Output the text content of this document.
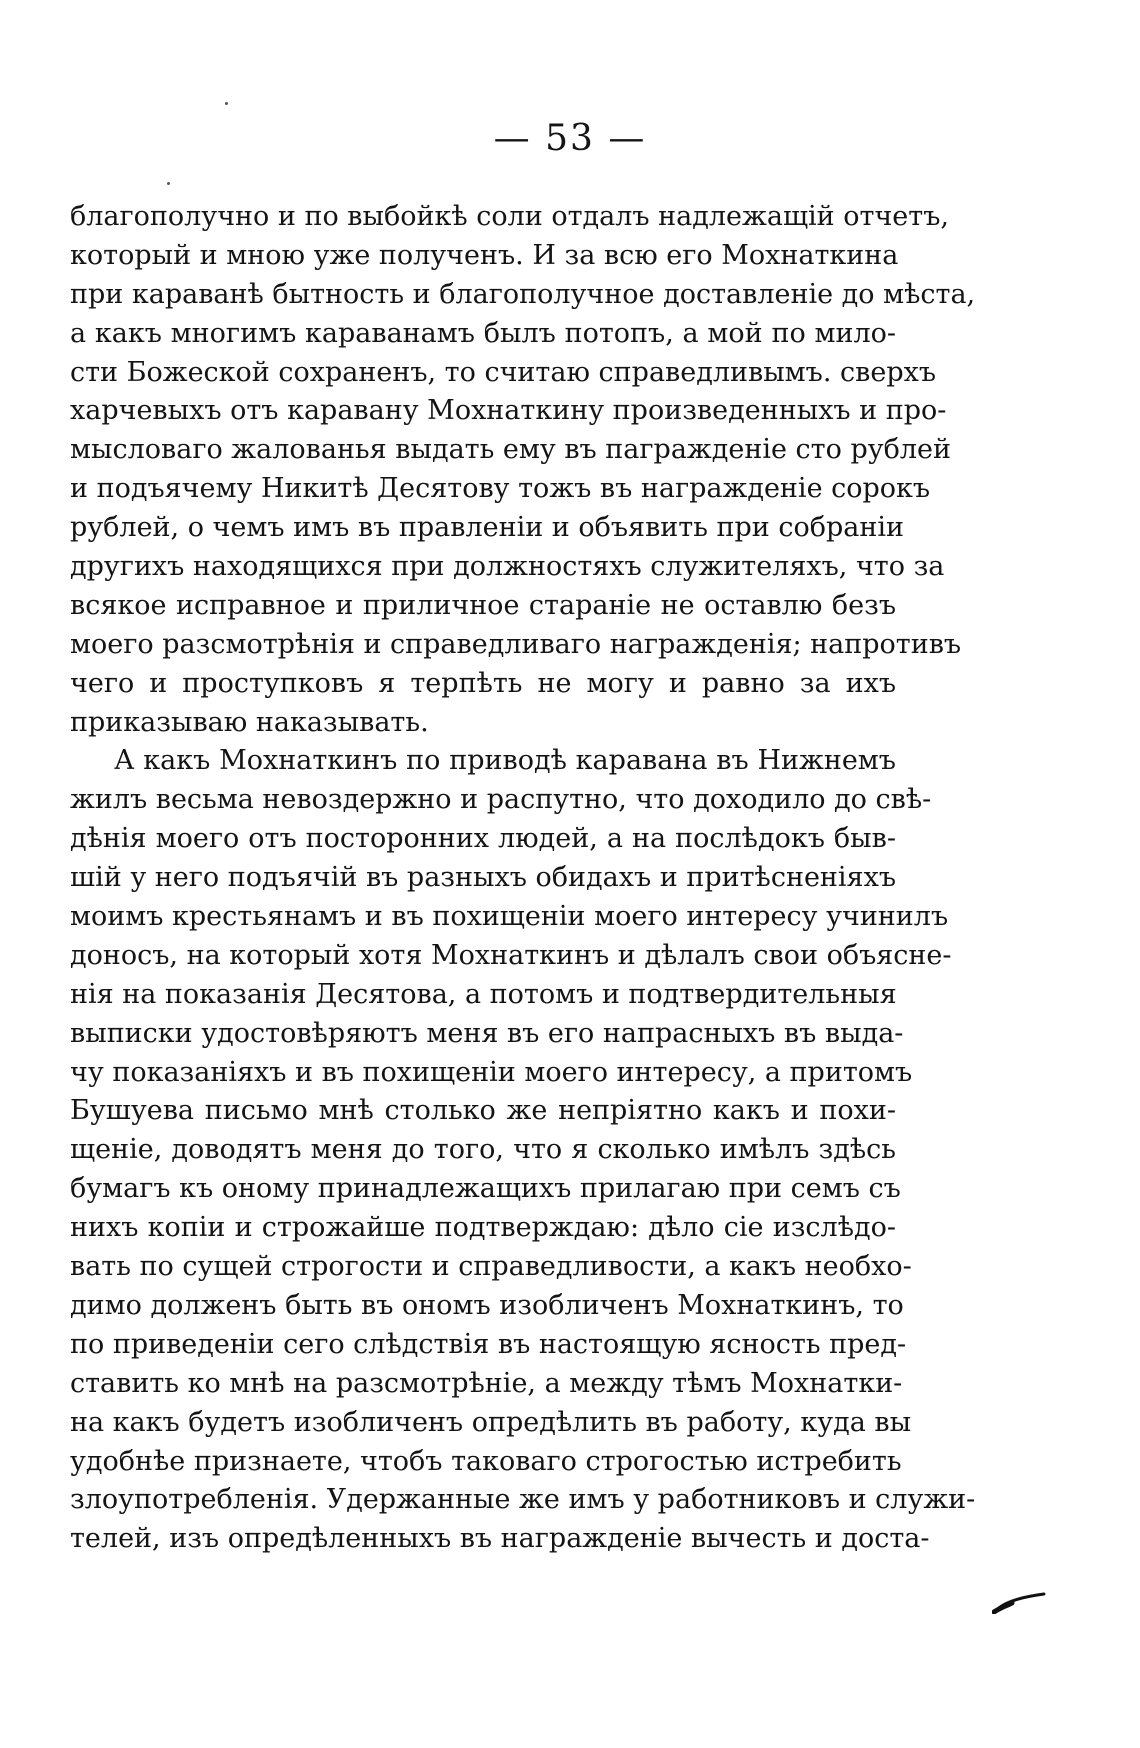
— 53 —
благополучно и по выбойкѣ соли отдалъ надлежащій отчетъ,
который и мною уже полученъ. И за всю его Мохнаткина
при караванѣ бытность и благополучное доставленіе до мѣста,
а какъ многимъ караванамъ былъ потопъ, а мой по мило-
сти Божеской сохраненъ, то считаю справедливымъ. сверхъ
харчевыхъ отъ каравану Мохнаткину произведенныхъ и про-
мысловаго жалованья выдать ему въ пагражденіе сто рублей
и подъячему Никитѣ Десятову тожъ въ награжденіе сорокъ
рублей, о чемъ имъ въ правленіи и объявить при собраніи
другихъ находящихся при должностяхъ служителяхъ, что за
всякое исправное и приличное стараніе не оставлю безъ
моего разсмотрѣнія и справедливаго награжденія; напротивъ
чего и проступковъ я терпѣть не могу и равно за ихъ
приказываю наказывать.
А какъ Мохнаткинъ по приводѣ каравана въ Нижнемъ
жилъ весьма невоздержно и распутно, что доходило до свѣ-
дѣнія моего отъ посторонних людей, а на послѣдокъ быв-
шій у него подъячій въ разныхъ обидахъ и притѣсненіяхъ
моимъ крестьянамъ и въ похищеніи моего интересу учинилъ
доносъ, на который хотя Мохнаткинъ и дѣлалъ свои объясне-
нія на показанія Десятова, а потомъ и подтвердительныя
выписки удостовѣряютъ меня въ его напрасныхъ въ выда-
чу показаніяхъ и въ похищеніи моего интересу, а притомъ
Бушуева письмо мнѣ столько же непріятно какъ и похи-
щеніе, доводятъ меня до того, что я сколько имѣлъ здѣсь
бумагъ къ оному принадлежащихъ прилагаю при семъ съ
нихъ копіи и строжайше подтверждаю: дѣло сіе изслѣдо-
вать по сущей строгости и справедливости, а какъ необхо-
димо долженъ быть въ ономъ изобличенъ Мохнаткинъ, то
по приведеніи сего слѣдствія въ настоящую ясность пред-
ставить ко мнѣ на разсмотрѣніе, а между тѣмъ Мохнатки-
на какъ будетъ изобличенъ опредѣлить въ работу, куда вы
удобнѣе признаете, чтобъ таковаго строгостью истребить
злоупотребленія. Удержанные же имъ у работниковъ и служи-
телей, изъ опредѣленныхъ въ награжденіе вычесть и доста-
